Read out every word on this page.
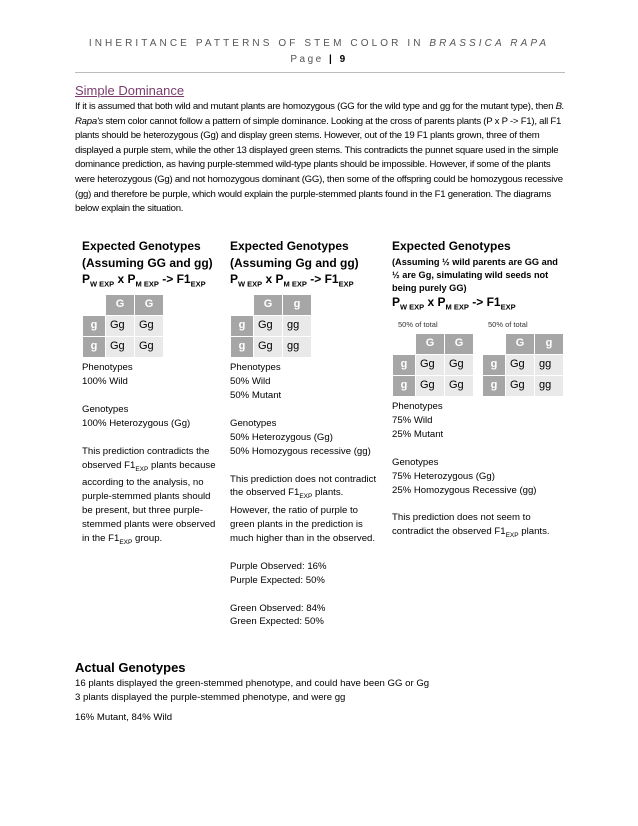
INHERITANCE PATTERNS OF STEM COLOR IN BRASSICA RAPA
Page | 9
Simple Dominance

If it is assumed that both wild and mutant plants are homozygous (GG for the wild type and gg for the mutant type), then B. Rapa's stem color cannot follow a pattern of simple dominance. Looking at the cross of parents plants (P x P -> F1), all F1 plants should be heterozygous (Gg) and display green stems. However, out of the 19 F1 plants grown, three of them displayed a purple stem, while the other 13 displayed green stems. This contradicts the punnet square used in the simple dominance prediction, as having purple-stemmed wild-type plants should be impossible. However, if some of the plants were heterozygous (Gg) and not homozygous dominant (GG), then some of the offspring could be homozygous recessive (gg) and therefore be purple, which would explain the purple-stemmed plants found in the F1 generation. The diagrams below explain the situation.

Expected Genotypes
(Assuming GG and gg)
$P_{W EXP}$ x $P_{M EXP} -> F1_{EXP}$
	G	G
g	Gg	Gg
g	Gg	Gg

Phenotypes

100% Wild

Genotypes

100% Heterozygous (Gg)

This prediction contradicts the observed $F1_{EXP}$ plants because according to the analysis, no purple-stemmed plants should be present, but three purple-stemmed plants were observed in the $F1_{EXP}$ group.

Expected Genotypes
(Assuming Gg and gg)
$P_{W EXP}$ x $P_{M EXP} -> F1_{EXP}$
	G	g
g	Gg	gg
g	Gg	gg

Phenotypes

50% Wild

50% Mutant

Genotypes

50% Heterozygous (Gg)

50% Homozygous recessive (gg)

This prediction does not contradict the observed $F1_{EXP}$ plants. However, the ratio of purple to green plants in the prediction is much higher than in the observed.

Purple Observed: 16%

Purple Expected: 50%

Green Observed: 84%

Green Expected: 50%

Expected Genotypes
(Assuming ½ wild parents are GG and ½ are Gg, simulating wild seeds not being purely GG)
$P_{W EXP}$ x $P_{M EXP} -> F1_{EXP}$
50% of total
	G	G
g	Gg	Gg
g	Gg	Gg
50% of total
	G	g
g	Gg	gg
g	Gg	gg

Phenotypes

75% Wild

25% Mutant

Genotypes

75% Heterozygous (Gg)

25% Homozygous Recessive (gg)

This prediction does not seem to contradict the observed $F1_{EXP}$ plants.

Actual Genotypes
16 plants displayed the green-stemmed phenotype, and could have been GG or Gg
3 plants displayed the purple-stemmed phenotype, and were gg
16% Mutant, 84% Wild
